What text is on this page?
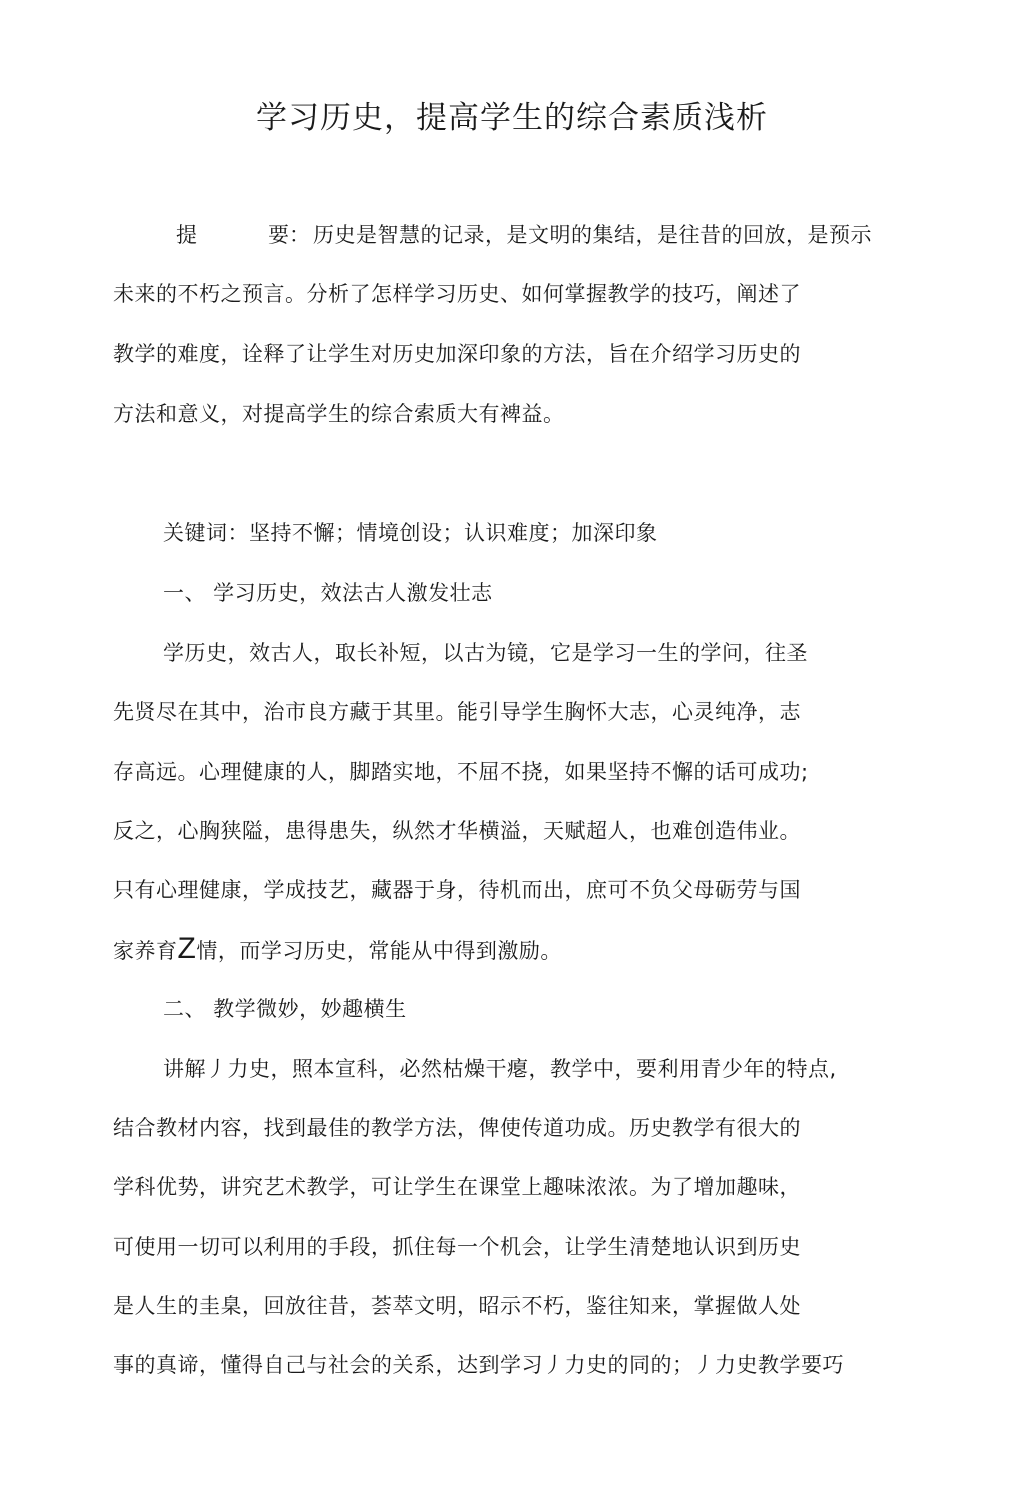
学习历史，提高学生的综合素质浅析
提	要： 历史是智慧的记录，是文明的集结，是往昔的回放，是预示
未来的不朽之预言。分析了怎样学习历史、如何掌握教学的技巧，阐述了
教学的难度，诠释了让学生对历史加深印象的方法，旨在介绍学习历史的
方法和意义，对提高学生的综合索质大有裨益。
关键词：坚持不懈；情境创设；认识难度；加深印象
一、 学习历史，效法古人激发壮志
学历史，效古人，取长补短，以古为镜，它是学习一生的学问，往圣
先贤尽在其中，治市良方藏于其里。能引导学生胸怀大志，心灵纯净，志
存高远。心理健康的人，脚踏实地，不屈不挠，如果坚持不懈的话可成功;
反之，心胸狭隘，患得患失，纵然才华横溢，天赋超人，也难创造伟业。
只有心理健康，学成技艺，藏器于身，待机而出，庶可不负父母砺劳与国
家养育Z情，而学习历史，常能从中得到激励。
二、 教学微妙，妙趣横生
讲解丿力史，照本宣科，必然枯燥干瘪，教学中，要利用青少年的特点,
结合教材内容，找到最佳的教学方法，俾使传道功成。历史教学有很大的
学科优势，讲究艺术教学，可让学生在课堂上趣味浓浓。为了增加趣味，
可使用一切可以利用的手段，抓住每一个机会，让学生清楚地认识到历史
是人生的圭臬，回放往昔，荟萃文明，昭示不朽，鉴往知来，掌握做人处
事的真谛，懂得自己与社会的关系，达到学习丿力史的同的；丿力史教学要巧
